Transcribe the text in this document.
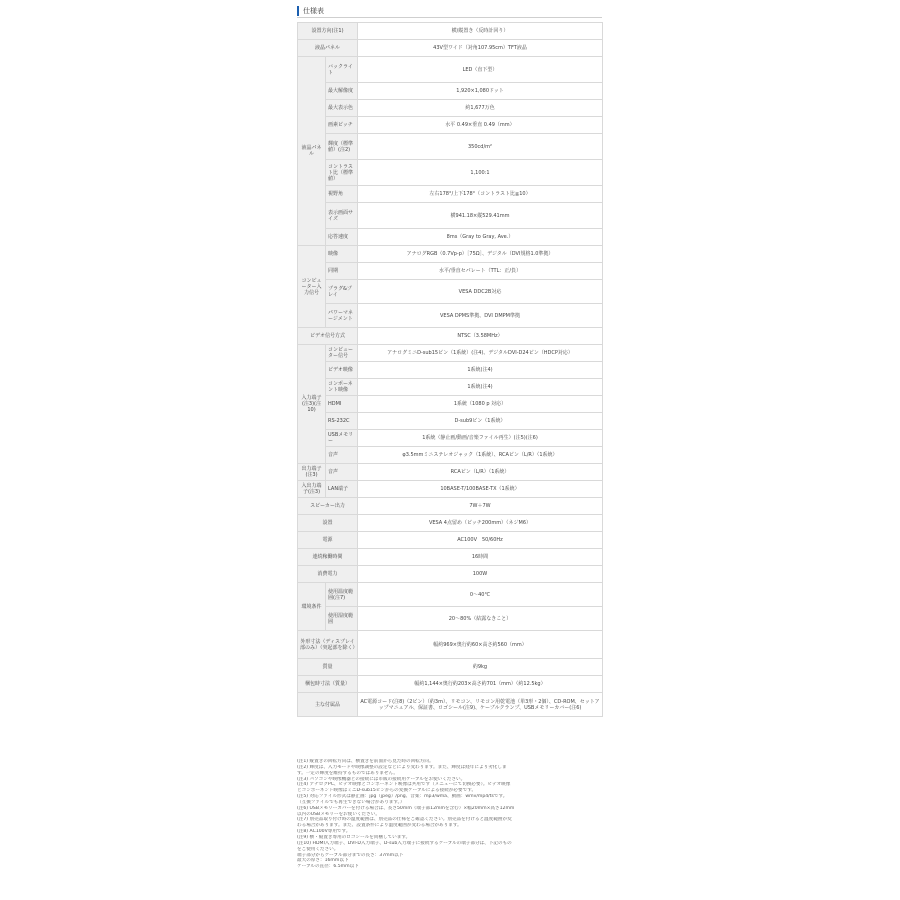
仕様表
設置方向(注1)		横/縦置き（反時計回り）
液晶パネル		43V型ワイド（対角107.95cm）TFT液晶
液晶パネル	バックライト	LED（直下型）
	最大解像度	1,920×1,080ドット
	最大表示色	約1,677万色
	画素ピッチ	水平 0.49×垂直 0.49（mm）
	輝度（標準値）(注2)	350cd/m²
	コントラスト比（標準値）	1,100:1
	視野角	左右178°/上下178°（コントラスト比≧10）
	表示画面サイズ	横941.18×縦529.41mm
	応答速度	8ms（Gray to Gray, Ave.）
コンピューター入力信号	映像	アナログRGB（0.7Vp-p）［75Ω］、デジタル（DVI規格1.0準拠）
	同期	水平/垂直セパレート（TTL：正/負）
	プラグ&プレイ	VESA DDC2B対応
	パワーマネージメント	VESA DPMS準拠、DVI DMPM準拠
ビデオ信号方式		NTSC（3.58MHz）
入力端子(注3)(注10)	コンピューター信号	アナログミニD-sub15ピン（1系統）(注4)、デジタルDVI-D24ピン（HDCP対応）
	ビデオ映像	1系統(注4)
	コンポーネント映像	1系統(注4)
	HDMI	1系統（1080 p 対応）
	RS-232C	D-sub9ピン（1系統）
	USBメモリー	1系統（静止画/動画/音楽ファイル再生）(注5)(注6)
	音声	φ3.5mmミニステレオジャック（1系統）、RCAピン（L/R）（1系統）
出力端子(注3)	音声	RCAピン（L/R）（1系統）
入出力端子(注3)	LAN端子	10BASE-T/100BASE-TX（1系統）
スピーカー出力		7W＋7W
設置		VESA 4点留め（ピッチ200mm）（ネジM6）
電源		AC100V　50/60Hz
連続稼働時間		16時間
消費電力		100W
環境条件	使用温度範囲(注7)	0～40℃
	使用湿度範囲	20～80%（結露なきこと）
外形寸法（ディスプレイ部のみ）（突起部を除く）		幅約969×奥行約60×高さ約560（mm）
質量		約9kg
梱包時寸法（質量）		幅約1,144×奥行約203×高さ約701（mm）（約12.5kg）
主な付属品		AC電源コード(注8)（2ピン）（約3m）、リモコン、リモコン用乾電池（単3形・2個）、CD-ROM、セットアップマニュアル、保証書、ロゴシール(注9)、ケーブルクランプ、USBメモリーカバー(注6)
(注1) 縦置きの回転方向は、横置きを前面から見た時の回転方向。
(注2) 輝度は、入力モードや映像調整の設定などにより変わります。また、輝度は経年により劣化しま
す。一定の輝度を維持するものではありません。
(注3) パソコンや映像機器との接続には市販の接続用ケーブルをお使いください。
(注4) アナログPC、ビデオ映像とコンポーネント映像は共用です（メニューにて切換必要）。ビデオ映像
とコンポーネント映像はミニD-sub15ピンからの変換ケーブルによる接続が必要です。
(注5) 対応ファイル形式は静止画：jpg（jpeg）/png、音楽：mp3/wma、動画：wmv/mp4/tsです。
（互換ファイルでも再生できない場合があります。）
(注6) USBメモリーカバーを付ける場合は、長さ50mm（端子部12mmを含む）×幅20mm×高さ12mm
以内のUSBメモリーをお使いください。
(注7) 別売品取り付け時の温度範囲は、別売品の仕様をご確認ください。別売品を付けると温度範囲が変
わる場合があります。また、設置条件により温度範囲が変わる場合があります。
(注8) AC100V専用です。
(注9) 横・縦置き専用のロゴシールを同梱しています。
(注10) HDMI入力端子、DVI-D入力端子、D-sub入力端子に接続するケーブルの端子部分は、下記のもの
をご使用ください。
端子部分からケーブル部分までの長さ：37mm以下
最大の厚さ：16mm以下
ケーブルの直径：6.5mm以下
